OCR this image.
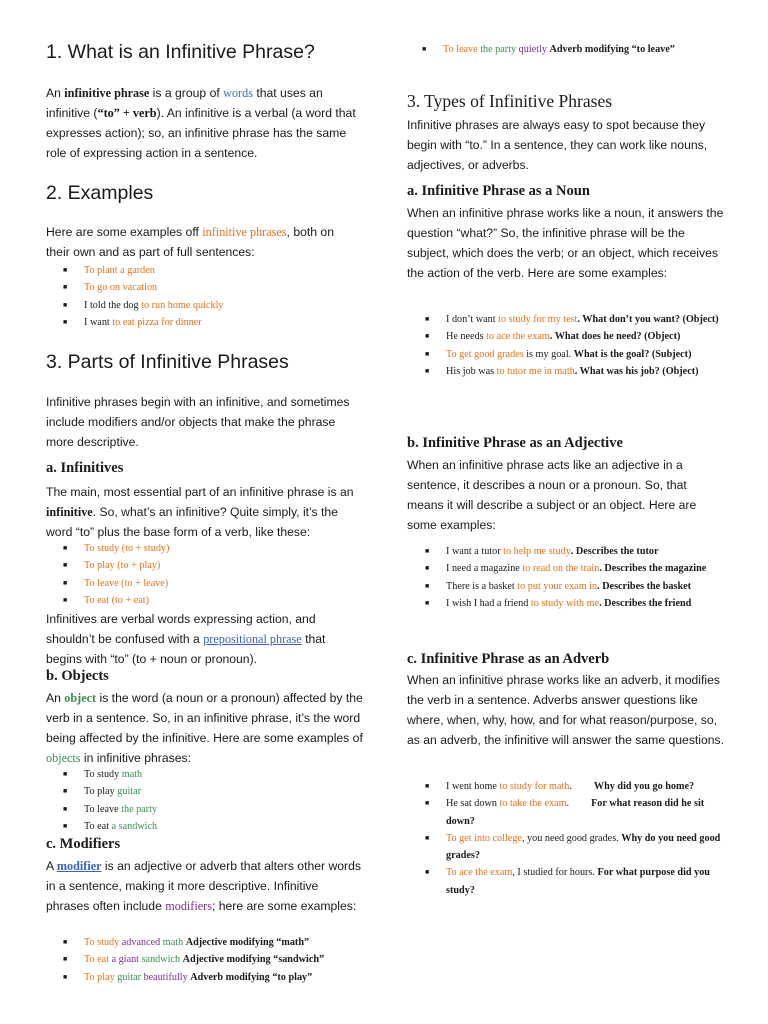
1. What is an Infinitive Phrase?

An infinitive phrase is a group of words that uses an infinitive (“to” + verb). An infinitive is a verbal (a word that expresses action); so, an infinitive phrase has the same role of expressing action in a sentence.

2. Examples

Here are some examples off infinitive phrases, both on their own and as part of full sentences:

■ To plant a garden
■ To go on vacation
■ I told the dog to run home quickly
■ I want to eat pizza for dinner
3. Parts of Infinitive Phrases

Infinitive phrases begin with an infinitive, and sometimes include modifiers and/or objects that make the phrase more descriptive.

a. Infinitives

The main, most essential part of an infinitive phrase is an infinitive. So, what’s an infinitive? Quite simply, it’s the word “to” plus the base form of a verb, like these:

■ To study (to + study)
■ To play (to + play)
■ To leave (to + leave)
■ To eat (to + eat)

Infinitives are verbal words expressing action, and shouldn’t be confused with a prepositional phrase that begins with “to” (to + noun or pronoun).

b. Objects

An object is the word (a noun or a pronoun) affected by the verb in a sentence. So, in an infinitive phrase, it’s the word being affected by the infinitive. Here are some examples of objects in infinitive phrases:

■ To study math
■ To play guitar
■ To leave the party
■ To eat a sandwich
c. Modifiers

A modifier is an adjective or adverb that alters other words in a sentence, making it more descriptive. Infinitive phrases often include modifiers; here are some examples:

■ To study advanced math Adjective modifying “math”
■ To eat a giant sandwich Adjective modifying “sandwich”
■ To play guitar beautifully Adverb modifying “to play”
■ To leave the party quietly Adverb modifying “to leave”
3. Types of Infinitive Phrases

Infinitive phrases are always easy to spot because they begin with “to.” In a sentence, they can work like nouns, adjectives, or adverbs.

a. Infinitive Phrase as a Noun

When an infinitive phrase works like a noun, it answers the question “what?” So, the infinitive phrase will be the subject, which does the verb; or an object, which receives the action of the verb. Here are some examples:

■ I don’t want to study for my test. What don’t you want? (Object)
■ He needs to ace the exam. What does he need? (Object)
■ To get good grades is my goal. What is the goal? (Subject)
■ His job was to tutor me in math. What was his job? (Object)
b. Infinitive Phrase as an Adjective

When an infinitive phrase acts like an adjective in a sentence, it describes a noun or a pronoun. So, that means it will describe a subject or an object. Here are some examples:

■ I want a tutor to help me study. Describes the tutor
■ I need a magazine to read on the train. Describes the magazine
■ There is a basket to put your exam in. Describes the basket
■ I wish I had a friend to study with me. Describes the friend
c. Infinitive Phrase as an Adverb

When an infinitive phrase works like an adverb, it modifies the verb in a sentence. Adverbs answer questions like where, when, why, how, and for what reason/purpose, so, as an adverb, the infinitive will answer the same questions.

■ I went home to study for math. Why did you go home?
■ He sat down to take the exam. For what reason did he sit down?
■ To get into college, you need good grades. Why do you need good grades?
■ To ace the exam, I studied for hours. For what purpose did you study?
